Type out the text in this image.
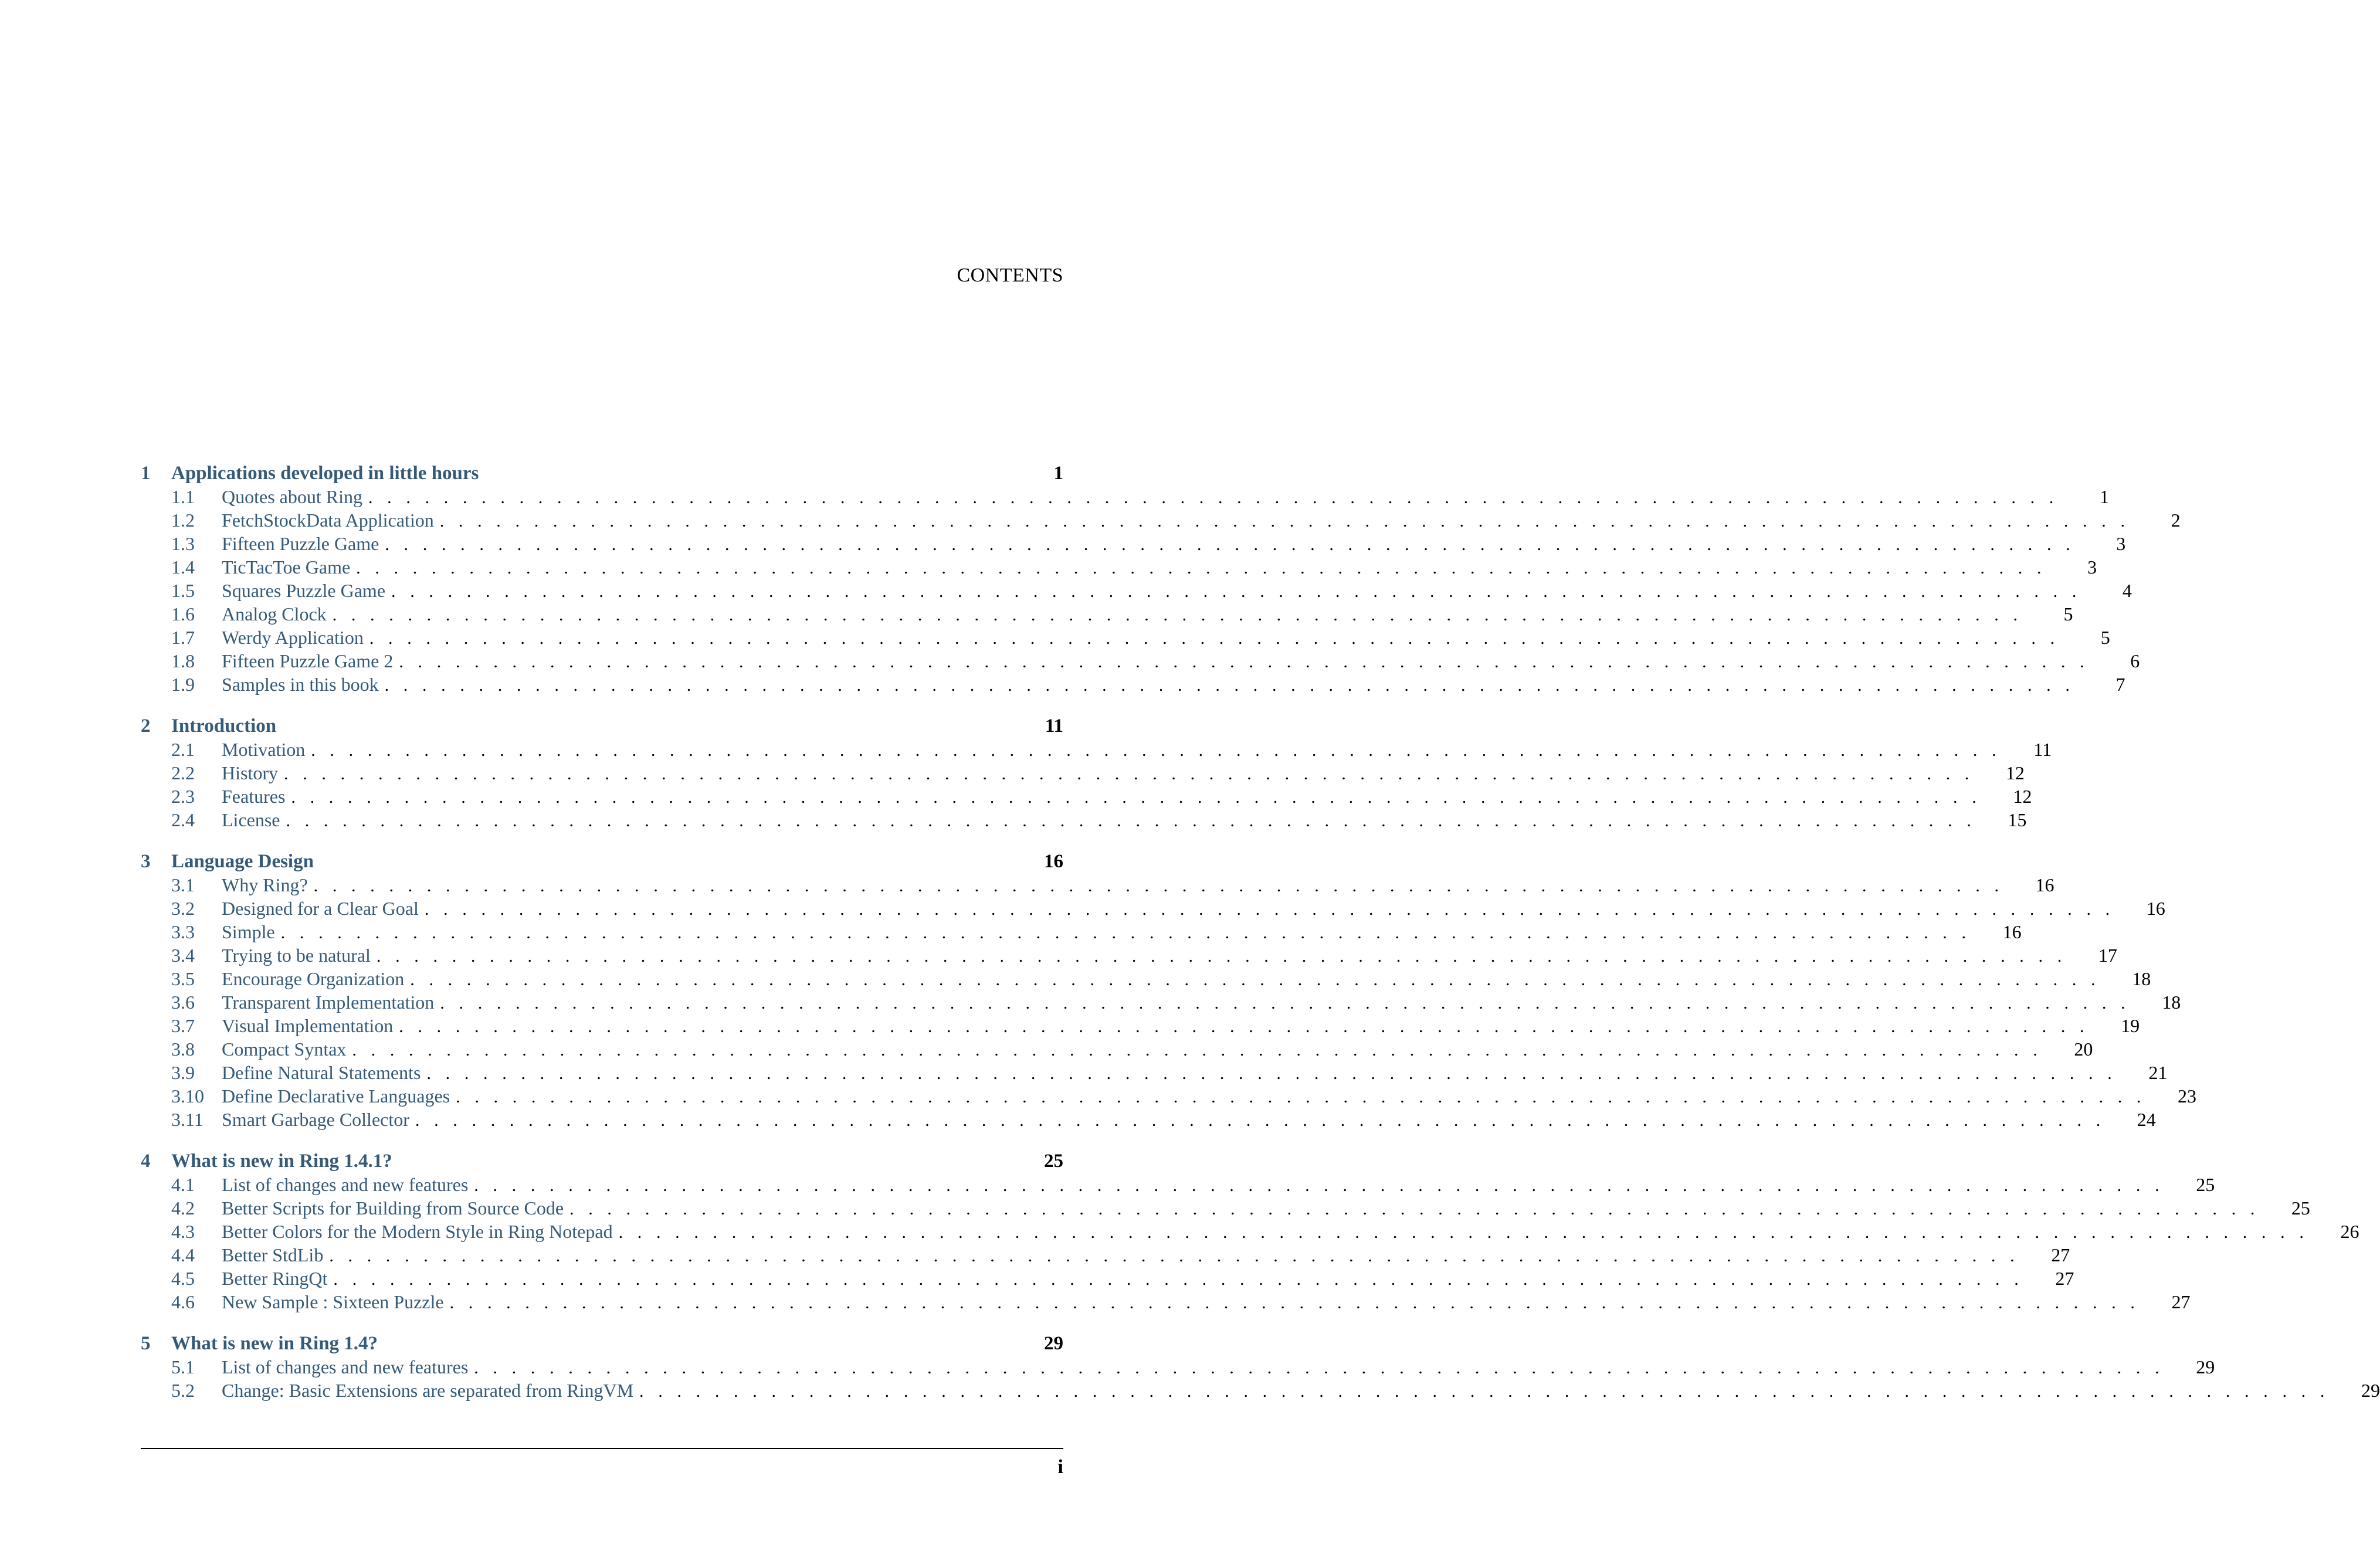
CONTENTS
1	Applications developed in little hours	1
1.1	Quotes about Ring . . . . . . . . . . . . . . . . . . . . . . . . . . . . . . . . . . . . . . . . . . . . . . . . . . . . . . . . . . . . . . . . . . . . . . . . . . . . . . . . . . . . . . . . . .	1
1.2	FetchStockData Application . . . . . . . . . . . . . . . . . . . . . . . . . . . . . . . . . . . . . . . . . . . . . . . . . . . . . . . . . . . . . . . . . . . . . . . . . . . . . . . . . . . . . . . . . .	2
1.3	Fifteen Puzzle Game . . . . . . . . . . . . . . . . . . . . . . . . . . . . . . . . . . . . . . . . . . . . . . . . . . . . . . . . . . . . . . . . . . . . . . . . . . . . . . . . . . . . . . . . . .	3
1.4	TicTacToe Game . . . . . . . . . . . . . . . . . . . . . . . . . . . . . . . . . . . . . . . . . . . . . . . . . . . . . . . . . . . . . . . . . . . . . . . . . . . . . . . . . . . . . . . . . .	3
1.5	Squares Puzzle Game . . . . . . . . . . . . . . . . . . . . . . . . . . . . . . . . . . . . . . . . . . . . . . . . . . . . . . . . . . . . . . . . . . . . . . . . . . . . . . . . . . . . . . . . . .	4
1.6	Analog Clock . . . . . . . . . . . . . . . . . . . . . . . . . . . . . . . . . . . . . . . . . . . . . . . . . . . . . . . . . . . . . . . . . . . . . . . . . . . . . . . . . . . . . . . . . .	5
1.7	Werdy Application . . . . . . . . . . . . . . . . . . . . . . . . . . . . . . . . . . . . . . . . . . . . . . . . . . . . . . . . . . . . . . . . . . . . . . . . . . . . . . . . . . . . . . . . . .	5
1.8	Fifteen Puzzle Game 2 . . . . . . . . . . . . . . . . . . . . . . . . . . . . . . . . . . . . . . . . . . . . . . . . . . . . . . . . . . . . . . . . . . . . . . . . . . . . . . . . . . . . . . . . . .	6
1.9	Samples in this book . . . . . . . . . . . . . . . . . . . . . . . . . . . . . . . . . . . . . . . . . . . . . . . . . . . . . . . . . . . . . . . . . . . . . . . . . . . . . . . . . . . . . . . . . .	7
2	Introduction	11
2.1	Motivation . . . . . . . . . . . . . . . . . . . . . . . . . . . . . . . . . . . . . . . . . . . . . . . . . . . . . . . . . . . . . . . . . . . . . . . . . . . . . . . . . . . . . . . . . .	11
2.2	History . . . . . . . . . . . . . . . . . . . . . . . . . . . . . . . . . . . . . . . . . . . . . . . . . . . . . . . . . . . . . . . . . . . . . . . . . . . . . . . . . . . . . . . . . .	12
2.3	Features . . . . . . . . . . . . . . . . . . . . . . . . . . . . . . . . . . . . . . . . . . . . . . . . . . . . . . . . . . . . . . . . . . . . . . . . . . . . . . . . . . . . . . . . . .	12
2.4	License . . . . . . . . . . . . . . . . . . . . . . . . . . . . . . . . . . . . . . . . . . . . . . . . . . . . . . . . . . . . . . . . . . . . . . . . . . . . . . . . . . . . . . . . . .	15
3	Language Design	16
3.1	Why Ring? . . . . . . . . . . . . . . . . . . . . . . . . . . . . . . . . . . . . . . . . . . . . . . . . . . . . . . . . . . . . . . . . . . . . . . . . . . . . . . . . . . . . . . . . . .	16
3.2	Designed for a Clear Goal . . . . . . . . . . . . . . . . . . . . . . . . . . . . . . . . . . . . . . . . . . . . . . . . . . . . . . . . . . . . . . . . . . . . . . . . . . . . . . . . . . . . . . . . . .	16
3.3	Simple . . . . . . . . . . . . . . . . . . . . . . . . . . . . . . . . . . . . . . . . . . . . . . . . . . . . . . . . . . . . . . . . . . . . . . . . . . . . . . . . . . . . . . . . . .	16
3.4	Trying to be natural . . . . . . . . . . . . . . . . . . . . . . . . . . . . . . . . . . . . . . . . . . . . . . . . . . . . . . . . . . . . . . . . . . . . . . . . . . . . . . . . . . . . . . . . . .	17
3.5	Encourage Organization . . . . . . . . . . . . . . . . . . . . . . . . . . . . . . . . . . . . . . . . . . . . . . . . . . . . . . . . . . . . . . . . . . . . . . . . . . . . . . . . . . . . . . . . . .	18
3.6	Transparent Implementation . . . . . . . . . . . . . . . . . . . . . . . . . . . . . . . . . . . . . . . . . . . . . . . . . . . . . . . . . . . . . . . . . . . . . . . . . . . . . . . . . . . . . . . . . .	18
3.7	Visual Implementation . . . . . . . . . . . . . . . . . . . . . . . . . . . . . . . . . . . . . . . . . . . . . . . . . . . . . . . . . . . . . . . . . . . . . . . . . . . . . . . . . . . . . . . . . .	19
3.8	Compact Syntax . . . . . . . . . . . . . . . . . . . . . . . . . . . . . . . . . . . . . . . . . . . . . . . . . . . . . . . . . . . . . . . . . . . . . . . . . . . . . . . . . . . . . . . . . .	20
3.9	Define Natural Statements . . . . . . . . . . . . . . . . . . . . . . . . . . . . . . . . . . . . . . . . . . . . . . . . . . . . . . . . . . . . . . . . . . . . . . . . . . . . . . . . . . . . . . . . . .	21
3.10 Define Declarative Languages . . . . . . . . . . . . . . . . . . . . . . . . . . . . . . . . . . . . . . . . . . . . . . . . . . . . . . . . . . . . . . . . . . . . . . . . . . . . . . . . . . . . . . . . . .	23
3.11 Smart Garbage Collector . . . . . . . . . . . . . . . . . . . . . . . . . . . . . . . . . . . . . . . . . . . . . . . . . . . . . . . . . . . . . . . . . . . . . . . . . . . . . . . . . . . . . . . . . .	24
4	What is new in Ring 1.4.1?	25
4.1	List of changes and new features . . . . . . . . . . . . . . . . . . . . . . . . . . . . . . . . . . . . . . . . . . . . . . . . . . . . . . . . . . . . . . . . . . . . . . . . . . . . . . . . . . . . . . . . . .	25
4.2	Better Scripts for Building from Source Code . . . . . . . . . . . . . . . . . . . . . . . . . . . . . . . . . . . . . . . . . . . . . . . . . . . . . . . . . . . . . . . . . . . . . . . . . . . . . . . . . . . . . . . . . .	25
4.3	Better Colors for the Modern Style in Ring Notepad . . . . . . . . . . . . . . . . . . . . . . . . . . . . . . . . . . . . . . . . . . . . . . . . . . . . . . . . . . . . . . . . . . . . . . . . . . . . . . . . . . . . . . . . . .	26
4.4	Better StdLib . . . . . . . . . . . . . . . . . . . . . . . . . . . . . . . . . . . . . . . . . . . . . . . . . . . . . . . . . . . . . . . . . . . . . . . . . . . . . . . . . . . . . . . . . .	27
4.5	Better RingQt . . . . . . . . . . . . . . . . . . . . . . . . . . . . . . . . . . . . . . . . . . . . . . . . . . . . . . . . . . . . . . . . . . . . . . . . . . . . . . . . . . . . . . . . . .	27
4.6	New Sample : Sixteen Puzzle . . . . . . . . . . . . . . . . . . . . . . . . . . . . . . . . . . . . . . . . . . . . . . . . . . . . . . . . . . . . . . . . . . . . . . . . . . . . . . . . . . . . . . . . . .	27
5	What is new in Ring 1.4?	29
5.1	List of changes and new features . . . . . . . . . . . . . . . . . . . . . . . . . . . . . . . . . . . . . . . . . . . . . . . . . . . . . . . . . . . . . . . . . . . . . . . . . . . . . . . . . . . . . . . . . .	29
5.2	Change: Basic Extensions are separated from RingVM . . . . . . . . . . . . . . . . . . . . . . . . . . . . . . . . . . . . . . . . . . . . . . . . . . . . . . . . . . . . . . . . . . . . . . . . . . . . . . . . . . . . . . . . . .	29
i
